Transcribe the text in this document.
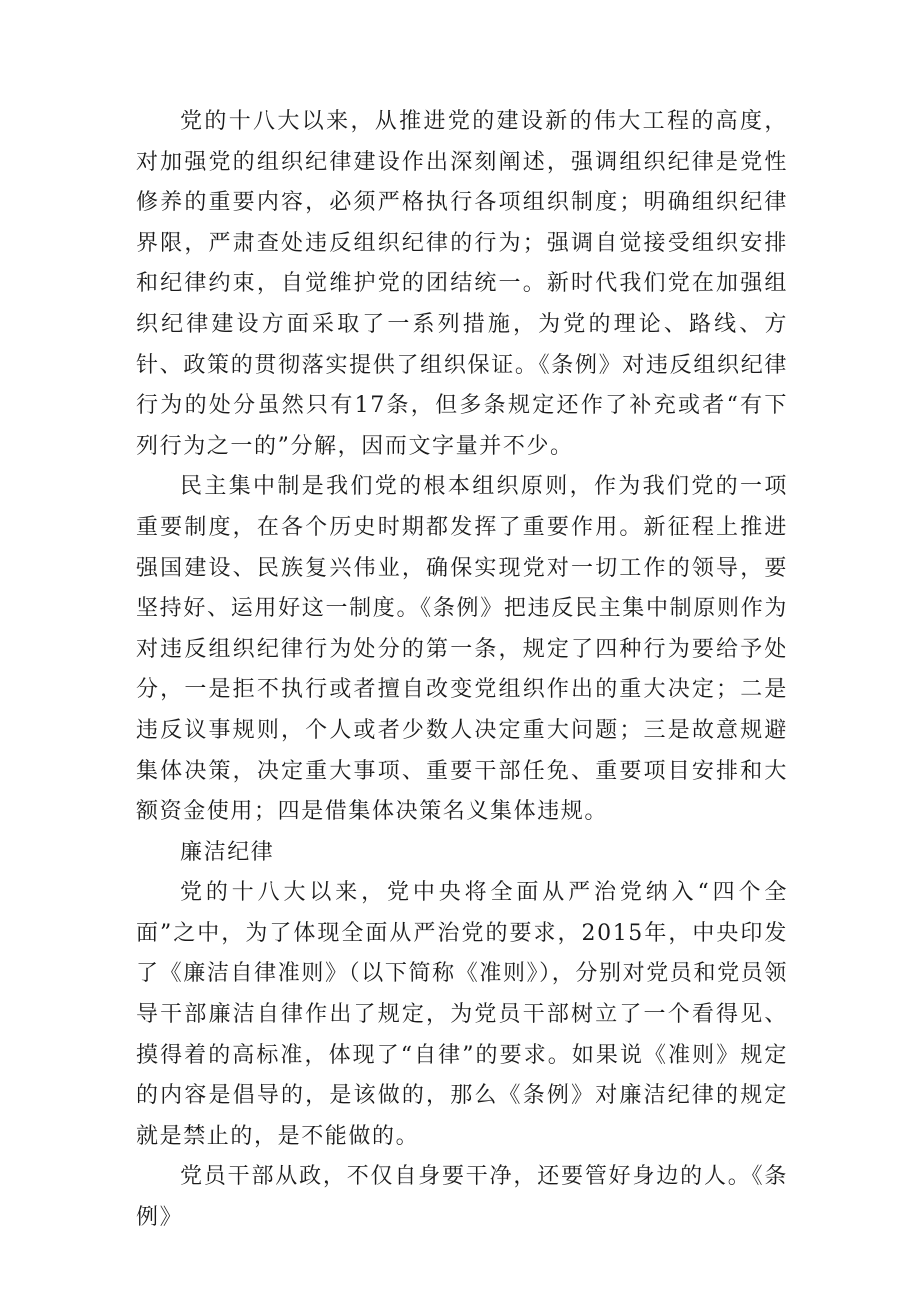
党的十八大以来，从推进党的建设新的伟大工程的高度，对加强党的组织纪律建设作出深刻阐述，强调组织纪律是党性修养的重要内容，必须严格执行各项组织制度；明确组织纪律界限，严肃查处违反组织纪律的行为；强调自觉接受组织安排和纪律约束，自觉维护党的团结统一。新时代我们党在加强组织纪律建设方面采取了一系列措施，为党的理论、路线、方针、政策的贯彻落实提供了组织保证。《条例》对违反组织纪律行为的处分虽然只有17条，但多条规定还作了补充或者“有下列行为之一的”分解，因而文字量并不少。

民主集中制是我们党的根本组织原则，作为我们党的一项重要制度，在各个历史时期都发挥了重要作用。新征程上推进强国建设、民族复兴伟业，确保实现党对一切工作的领导，要坚持好、运用好这一制度。《条例》把违反民主集中制原则作为对违反组织纪律行为处分的第一条，规定了四种行为要给予处分，一是拒不执行或者擅自改变党组织作出的重大决定；二是违反议事规则，个人或者少数人决定重大问题；三是故意规避集体决策，决定重大事项、重要干部任免、重要项目安排和大额资金使用；四是借集体决策名义集体违规。

廉洁纪律

党的十八大以来，党中央将全面从严治党纳入“四个全面”之中，为了体现全面从严治党的要求，2015年，中央印发了《廉洁自律准则》（以下简称《准则》），分别对党员和党员领导干部廉洁自律作出了规定，为党员干部树立了一个看得见、摸得着的高标准，体现了“自律”的要求。如果说《准则》规定的内容是倡导的，是该做的，那么《条例》对廉洁纪律的规定就是禁止的，是不能做的。

党员干部从政，不仅自身要干净，还要管好身边的人。《条例》
